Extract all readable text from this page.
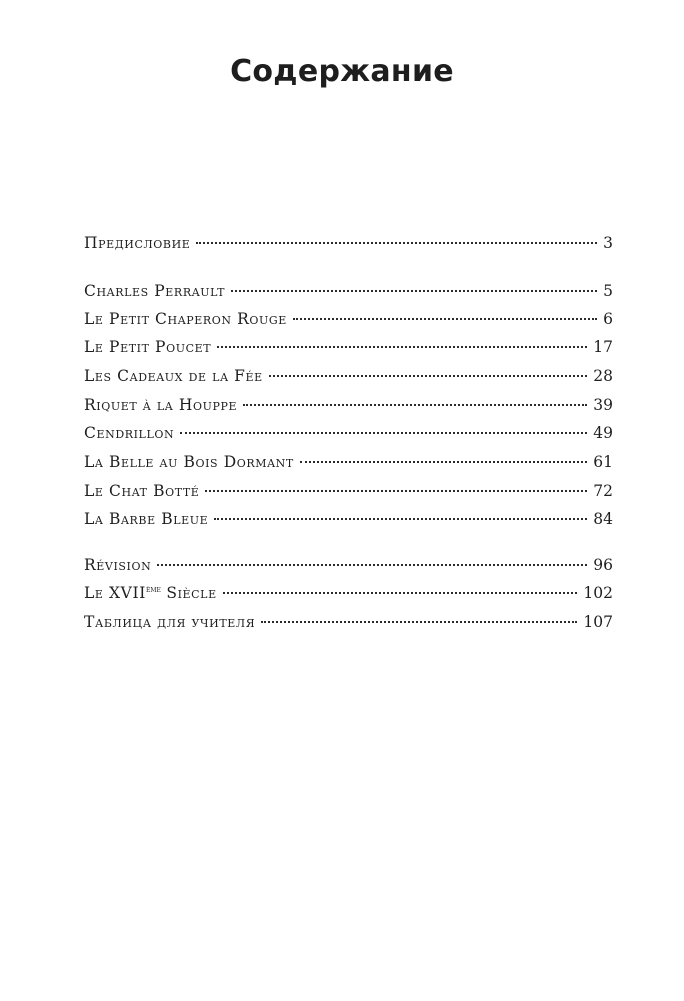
Содержание
Предисловие	3
Charles Perrault	5
Le Petit Chaperon Rouge	6
Le Petit Poucet	17
Les Cadeaux de la Fée	28
Riquet à la Houppe	39
Cendrillon	49
La Belle au Bois Dormant	61
Le Chat Botté	72
La Barbe Bleue	84
Révision	96
Le XVIIème Siècle	102
Таблица для учителя	107
